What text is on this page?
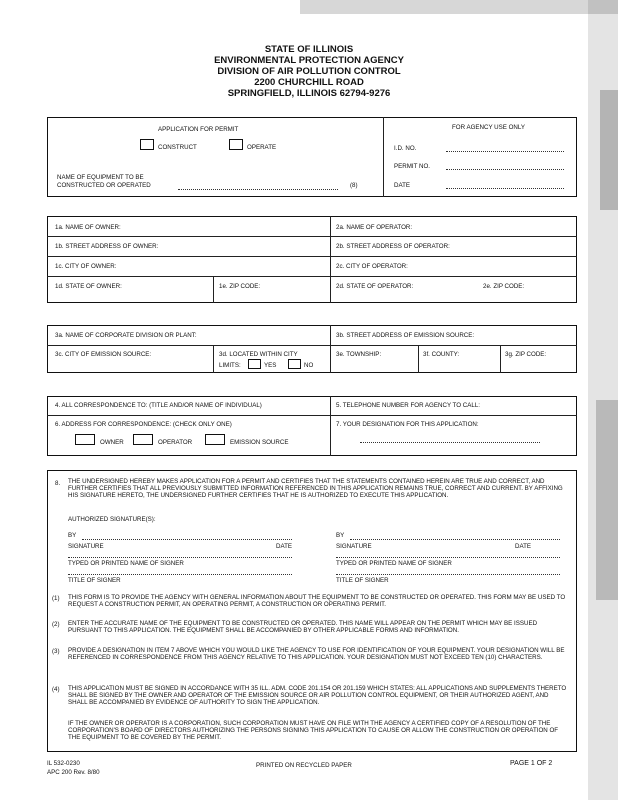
STATE OF ILLINOIS
ENVIRONMENTAL PROTECTION AGENCY
DIVISION OF AIR POLLUTION CONTROL
2200 CHURCHILL ROAD
SPRINGFIELD, ILLINOIS 62794-9276
APPLICATION FOR PERMIT
CONSTRUCT	OPERATE
NAME OF EQUIPMENT TO BE
CONSTRUCTED OR OPERATED	(8)
FOR AGENCY USE ONLY
I.D. NO.
PERMIT NO.
DATE
1a. NAME OF OWNER:
1b. STREET ADDRESS OF OWNER:
1c. CITY OF OWNER:
1d. STATE OF OWNER:	1e. ZIP CODE:
2a. NAME OF OPERATOR:
2b. STREET ADDRESS OF OPERATOR:
2c. CITY OF OPERATOR:
2d. STATE OF OPERATOR:	2e. ZIP CODE:
3a. NAME OF CORPORATE DIVISION OR PLANT:	3b. STREET ADDRESS OF EMISSION SOURCE:
3c. CITY OF EMISSION SOURCE:	3d. LOCATED WITHIN CITY
LIMITS:	YES	NO
3e. TOWNSHIP:	3f. COUNTY:	3g. ZIP CODE:
4. ALL CORRESPONDENCE TO: (TITLE AND/OR NAME OF INDIVIDUAL)	5. TELEPHONE NUMBER FOR AGENCY TO CALL:
6. ADDRESS FOR CORRESPONDENCE: (CHECK ONLY ONE)
OWNER	OPERATOR	EMISSION SOURCE
7. YOUR DESIGNATION FOR THIS APPLICATION:
8. THE UNDERSIGNED HEREBY MAKES APPLICATION FOR A PERMIT AND CERTIFIES THAT THE STATEMENTS CONTAINED HEREIN ARE TRUE AND CORRECT, AND FURTHER CERTIFIES THAT ALL PREVIOUSLY SUBMITTED INFORMATION REFERENCED IN THIS APPLICATION REMAINS TRUE, CORRECT AND CURRENT. BY AFFIXING HIS SIGNATURE HERETO, THE UNDERSIGNED FURTHER CERTIFIES THAT HE IS AUTHORIZED TO EXECUTE THIS APPLICATION.
AUTHORIZED SIGNATURE(S):
BY	BY
SIGNATURE	DATE	SIGNATURE	DATE
TYPED OR PRINTED NAME OF SIGNER	TYPED OR PRINTED NAME OF SIGNER
TITLE OF SIGNER	TITLE OF SIGNER
(1) THIS FORM IS TO PROVIDE THE AGENCY WITH GENERAL INFORMATION ABOUT THE EQUIPMENT TO BE CONSTRUCTED OR OPERATED. THIS FORM MAY BE USED TO REQUEST A CONSTRUCTION PERMIT, AN OPERATING PERMIT, A CONSTRUCTION OR OPERATING PERMIT.
(2) ENTER THE ACCURATE NAME OF THE EQUIPMENT TO BE CONSTRUCTED OR OPERATED. THIS NAME WILL APPEAR ON THE PERMIT WHICH MAY BE ISSUED PURSUANT TO THIS APPLICATION. THE EQUIPMENT SHALL BE ACCOMPANIED BY OTHER APPLICABLE FORMS AND INFORMATION.
(3) PROVIDE A DESIGNATION IN ITEM 7 ABOVE WHICH YOU WOULD LIKE THE AGENCY TO USE FOR IDENTIFICATION OF YOUR EQUIPMENT. YOUR DESIGNATION WILL BE REFERENCED IN CORRESPONDENCE FROM THIS AGENCY RELATIVE TO THIS APPLICATION. YOUR DESIGNATION MUST NOT EXCEED TEN (10) CHARACTERS.
(4) THIS APPLICATION MUST BE SIGNED IN ACCORDANCE WITH 35 ILL. ADM. CODE 201.154 OR 201.159 WHICH STATES: ALL APPLICATIONS AND SUPPLEMENTS THERETO SHALL BE SIGNED BY THE OWNER AND OPERATOR OF THE EMISSION SOURCE OR AIR POLLUTION CONTROL EQUIPMENT, OR THEIR AUTHORIZED AGENT, AND SHALL BE ACCOMPANIED BY EVIDENCE OF AUTHORITY TO SIGN THE APPLICATION.
IF THE OWNER OR OPERATOR IS A CORPORATION, SUCH CORPORATION MUST HAVE ON FILE WITH THE AGENCY A CERTIFIED COPY OF A RESOLUTION OF THE CORPORATION'S BOARD OF DIRECTORS AUTHORIZING THE PERSONS SIGNING THIS APPLICATION TO CAUSE OR ALLOW THE CONSTRUCTION OR OPERATION OF THE EQUIPMENT TO BE COVERED BY THE PERMIT.
IL 532-0230
APC 200 Rev. 8/80
PRINTED ON RECYCLED PAPER	PAGE 1 OF 2
